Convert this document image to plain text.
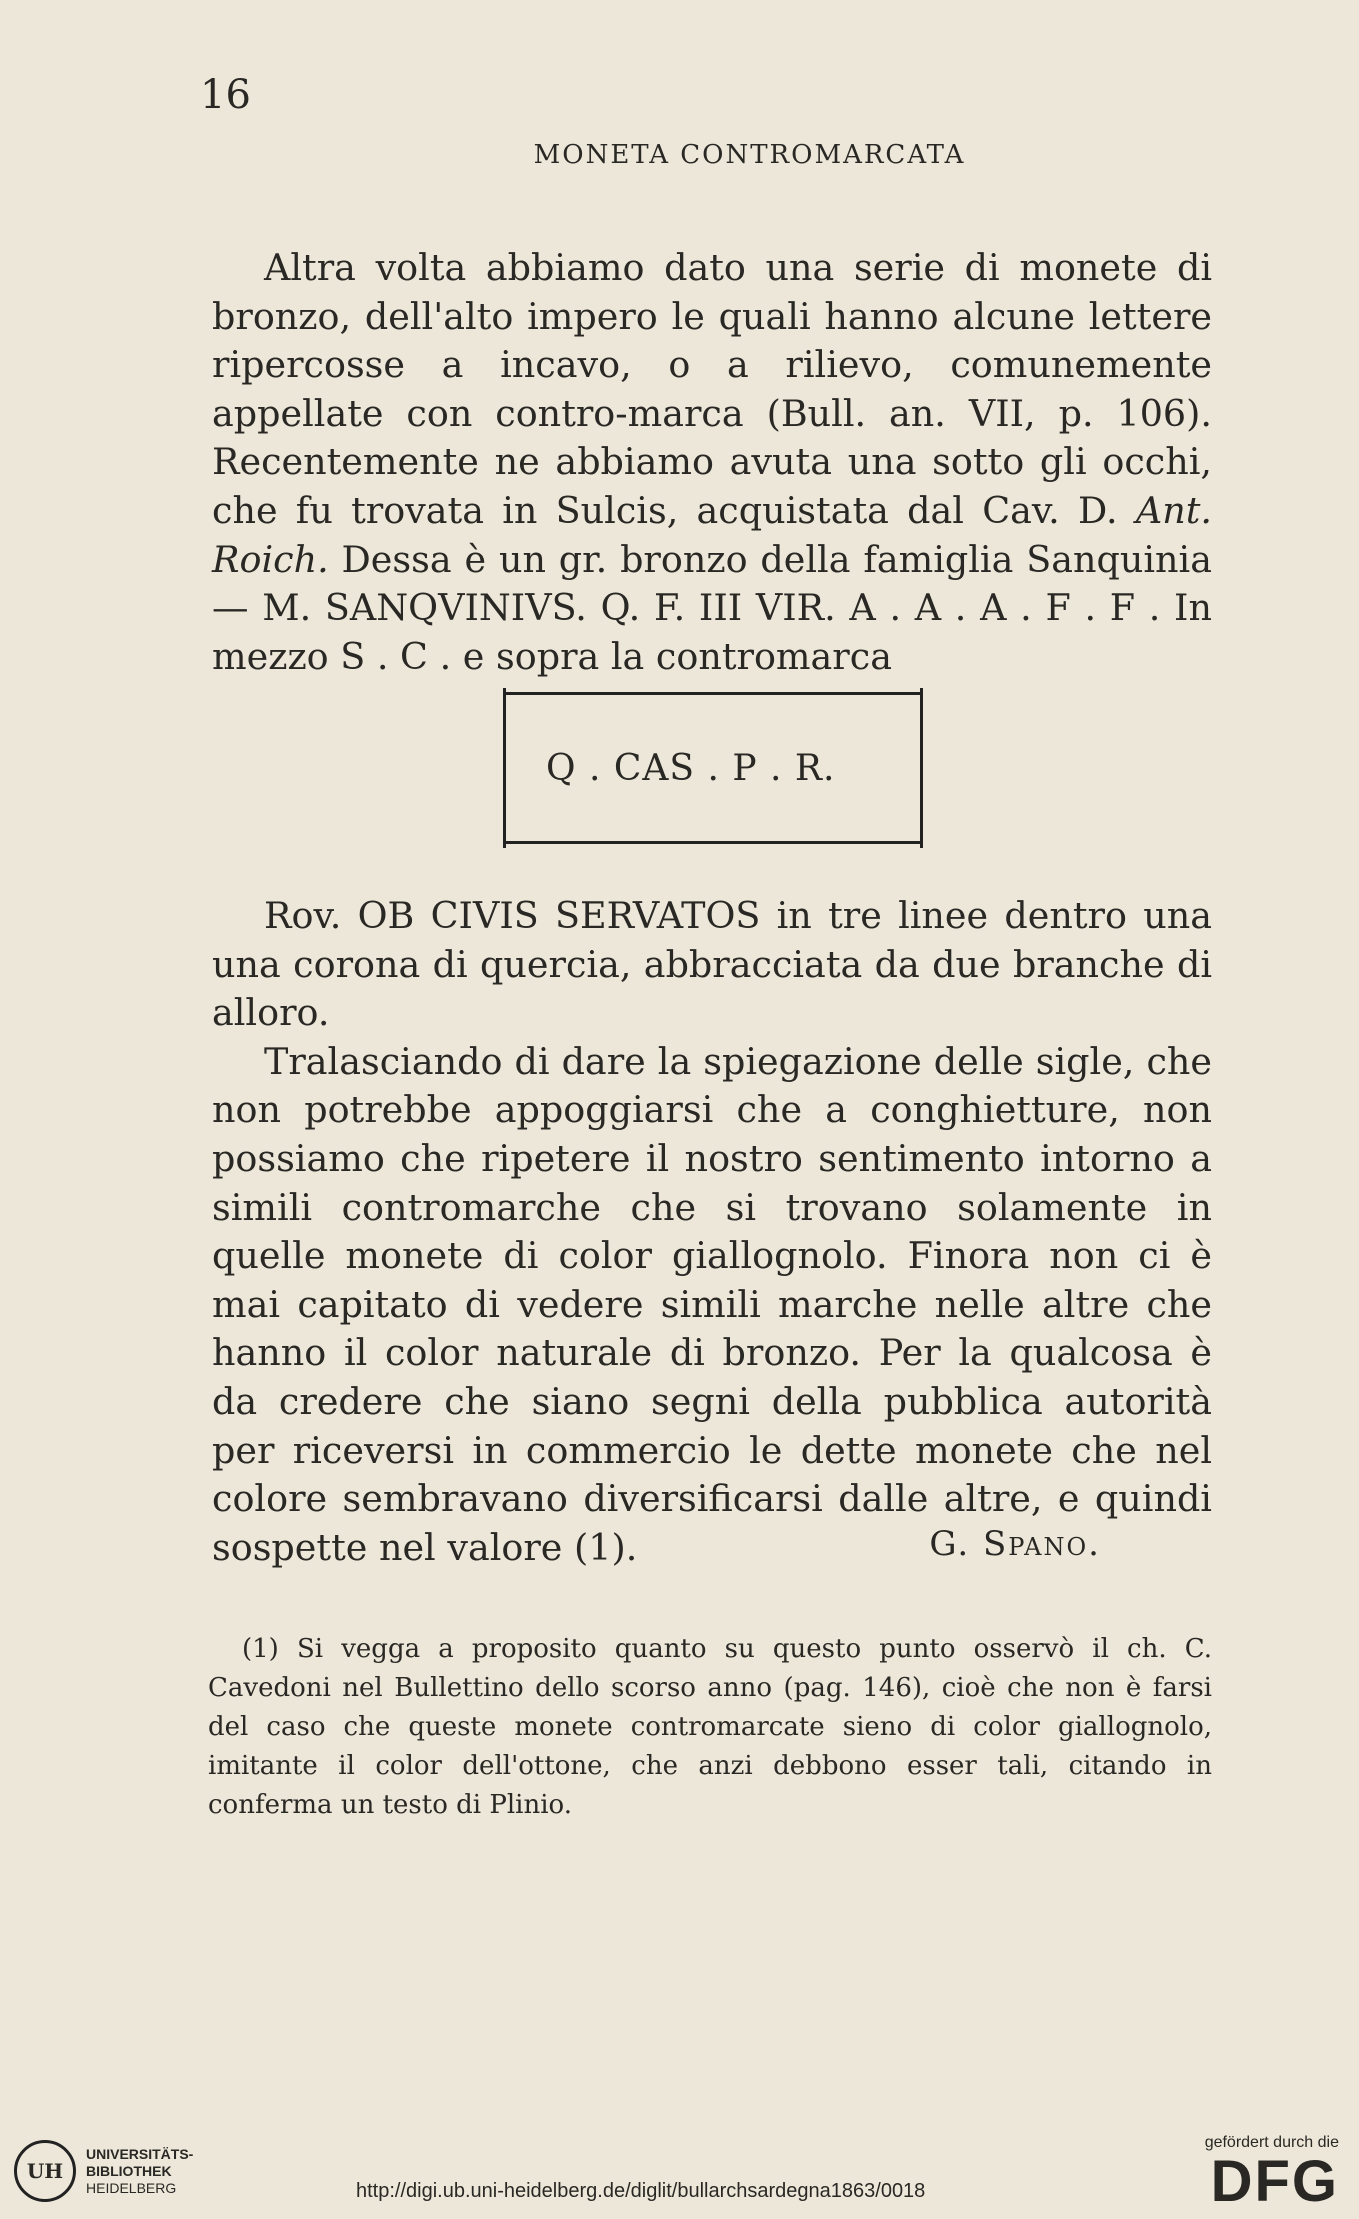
16
MONETA CONTROMARCATA

Altra volta abbiamo dato una serie di monete di bronzo, dell'alto impero le quali hanno alcune lettere ripercosse a incavo, o a rilievo, comunemente appellate con contro-marca (Bull. an. VII, p. 106). Recentemente ne abbiamo avuta una sotto gli occhi, che fu trovata in Sulcis, acquistata dal Cav. D. Ant. Roich. Dessa è un gr. bronzo della famiglia Sanquinia — M. SANQVINIVS. Q. F. III VIR. A . A . A . F . F . In mezzo S . C . e sopra la contromarca

Q . CAS . P . R.

Rov. OB CIVIS SERVATOS in tre linee dentro una una corona di quercia, abbracciata da due branche di alloro.

Tralasciando di dare la spiegazione delle sigle, che non potrebbe appoggiarsi che a conghietture, non possiamo che ripetere il nostro sentimento intorno a simili contromarche che si trovano solamente in quelle monete di color giallognolo. Finora non ci è mai capitato di vedere simili marche nelle altre che hanno il color naturale di bronzo. Per la qualcosa è da credere che siano segni della pubblica autorità per riceversi in commercio le dette monete che nel colore sembravano diversificarsi dalle altre, e quindi sospette nel valore (1).	G. Spano.

(1) Si vegga a proposito quanto su questo punto osservò il ch. C. Cavedoni nel Bullettino dello scorso anno (pag. 146), cioè che non è farsi del caso che queste monete contromarcate sieno di color giallognolo, imitante il color dell'ottone, che anzi debbono esser tali, citando in conferma un testo di Plinio.

UH
UNIVERSITÄTS-
BIBLIOTHEK
HEIDELBERG	http://digi.ub.uni-heidelberg.de/diglit/bullarchsardegna1863/0018
gefördert durch die
DFG
